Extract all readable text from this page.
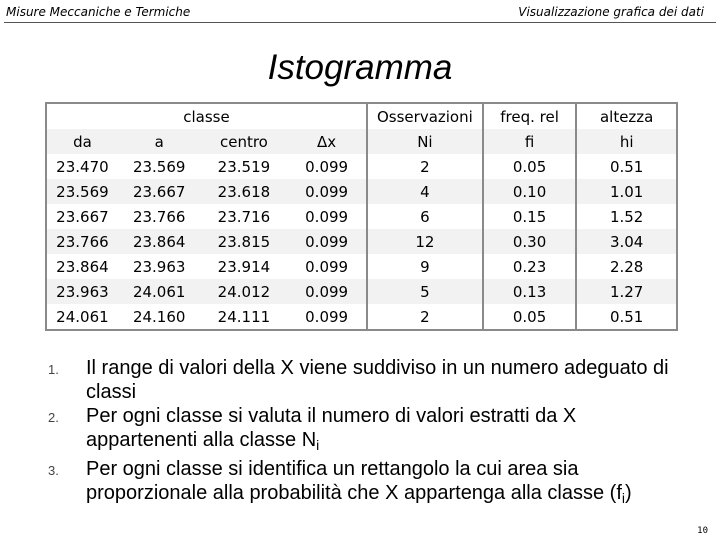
Misure Meccaniche e Termiche	Visualizzazione grafica dei dati
Istogramma
classe				Osservazioni	freq. rel	altezza
da	a	centro	Δx	Ni	fi	hi
23.470	23.569	23.519	0.099	2	0.05	0.51
23.569	23.667	23.618	0.099	4	0.10	1.01
23.667	23.766	23.716	0.099	6	0.15	1.52
23.766	23.864	23.815	0.099	12	0.30	3.04
23.864	23.963	23.914	0.099	9	0.23	2.28
23.963	24.061	24.012	0.099	5	0.13	1.27
24.061	24.160	24.111	0.099	2	0.05	0.51
1. Il range di valori della X viene suddiviso in un numero adeguato di classi
2. Per ogni classe si valuta il numero di valori estratti da X appartenenti alla classe $N_i$
3. Per ogni classe si identifica un rettangolo la cui area sia proporzionale alla probabilità che X appartenga alla classe $(f_i)$
10
